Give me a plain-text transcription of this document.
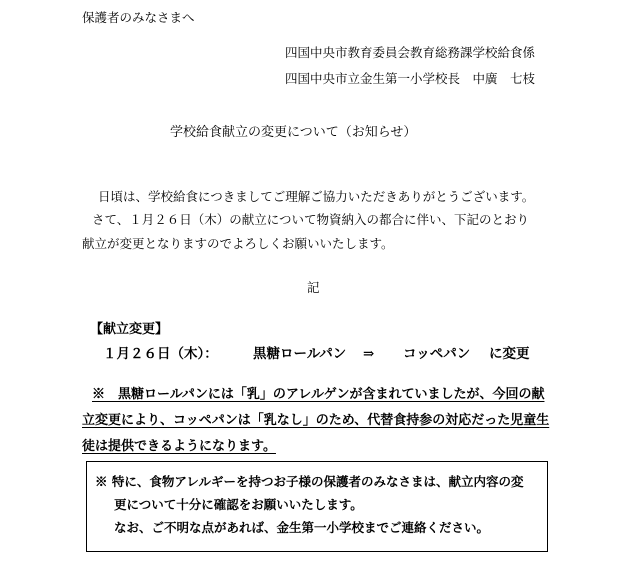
保護者のみなさまへ
四国中央市教育委員会教育総務課学校給食係
四国中央市立金生第一小学校長　中廣　七枝
学校給食献立の変更について（お知らせ）
日頃は、学校給食につきましてご理解ご協力いただきありがとうございます。
さて、１月２６日（木）の献立について物資納入の都合に伴い、下記のとおり
献立が変更となりますのでよろしくお願いいたします。
記
【献立変更】
１月２６日（木）：	黒糖ロールパン ⇒ コッペパン に変更
※　黒糖ロールパンには「乳」のアレルゲンが含まれていましたが、今回の献
立変更により、コッペパンは「乳なし」のため、代替食持参の対応だった児童生
徒は提供できるようになります。
※ 特に、食物アレルギーを持つお子様の保護者のみなさまは、献立内容の変
更について十分に確認をお願いいたします。
なお、ご不明な点があれば、金生第一小学校までご連絡ください。
